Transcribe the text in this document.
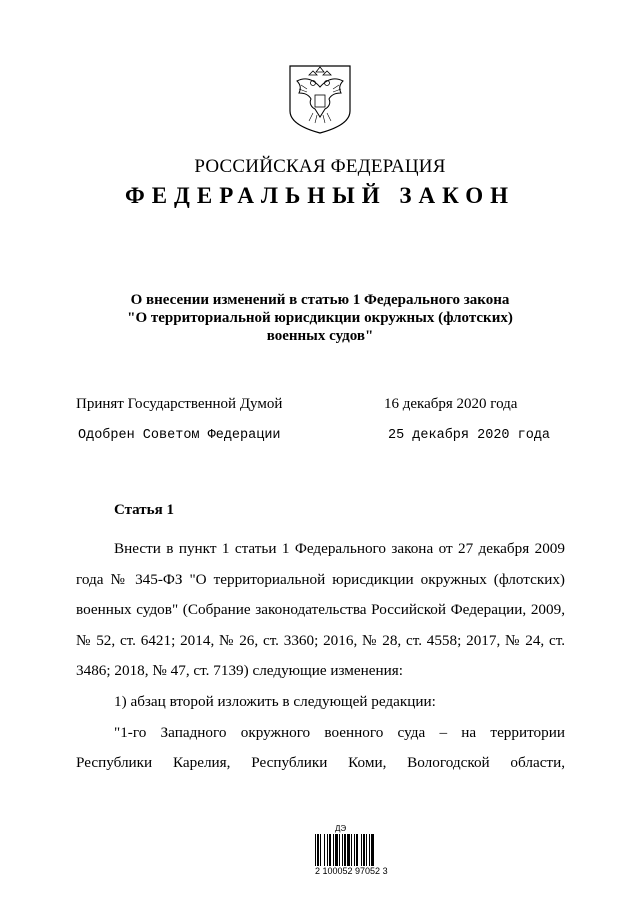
РОССИЙСКАЯ ФЕДЕРАЦИЯ
ФЕДЕРАЛЬНЫЙ ЗАКОН
О внесении изменений в статью 1 Федерального закона
"О территориальной юрисдикции окружных (флотских)
военных судов"
Принят Государственной Думой	16 декабря 2020 года
Одобрен Советом Федерации	25 декабря 2020 года
Статья 1

Внести в пункт 1 статьи 1 Федерального закона от 27 декабря 2009 года № 345-ФЗ "О территориальной юрисдикции окружных (флотских) военных судов" (Собрание законодательства Российской Федерации, 2009, № 52, ст. 6421; 2014, № 26, ст. 3360; 2016, № 28, ст. 4558; 2017, № 24, ст. 3486; 2018, № 47, ст. 7139) следующие изменения:

1) абзац второй изложить в следующей редакции:

"1-го Западного окружного военного суда – на территории Республики Карелия, Республики Коми, Вологодской области,

ДЭ
2 100052 97052 3
